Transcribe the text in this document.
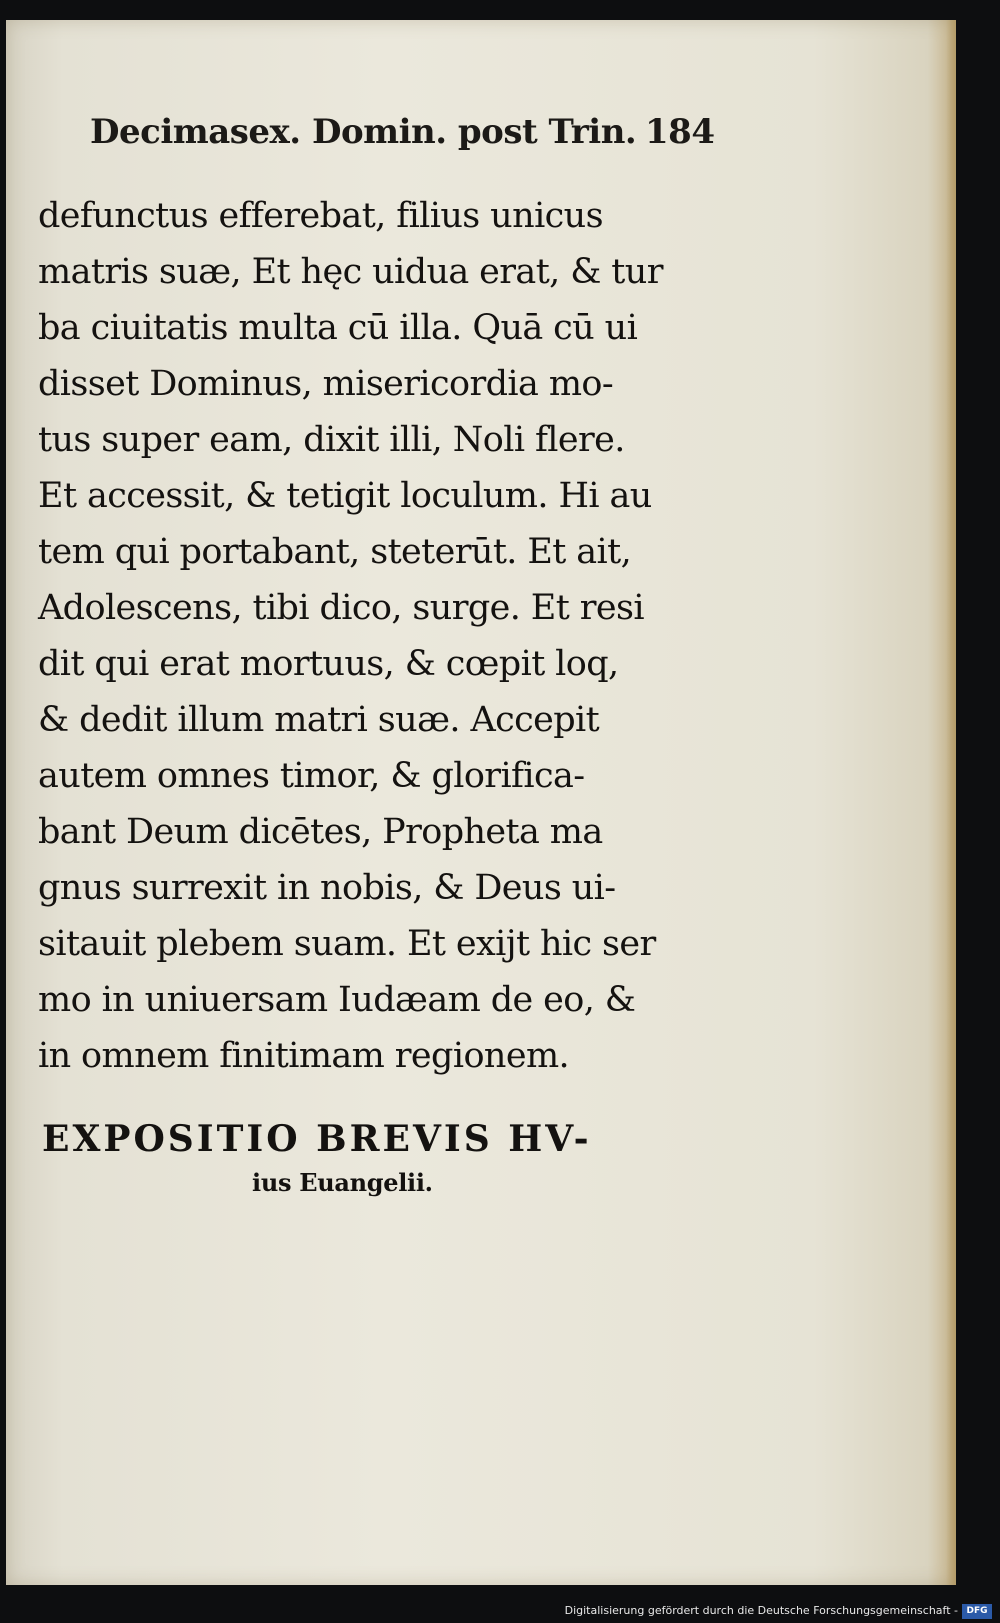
Decimasex. Domin. post Trin. 184
defunctus efferebat, filius unicus
matris suæ, Et hęc uidua erat, & tur
ba ciuitatis multa cū illa. Quā cū ui
disset Dominus, misericordia mo-
tus super eam, dixit illi, Noli flere.
Et accessit, & tetigit loculum. Hi au
tem qui portabant, steterūt. Et ait,
Adolescens, tibi dico, surge. Et resi
dit qui erat mortuus, & cœpit loq,
& dedit illum matri suæ. Accepit
autem omnes timor, & glorifica-
bant Deum dicētes, Propheta ma
gnus surrexit in nobis, & Deus ui-
sitauit plebem suam. Et exijt hic ser
mo in uniuersam Iudæam de eo, &
in omnem finitimam regionem.
EXPOSITIO BREVIS HV-
ius Euangelii.
Digitalisierung gefördert durch die Deutsche Forschungsgemeinschaft - DFG
